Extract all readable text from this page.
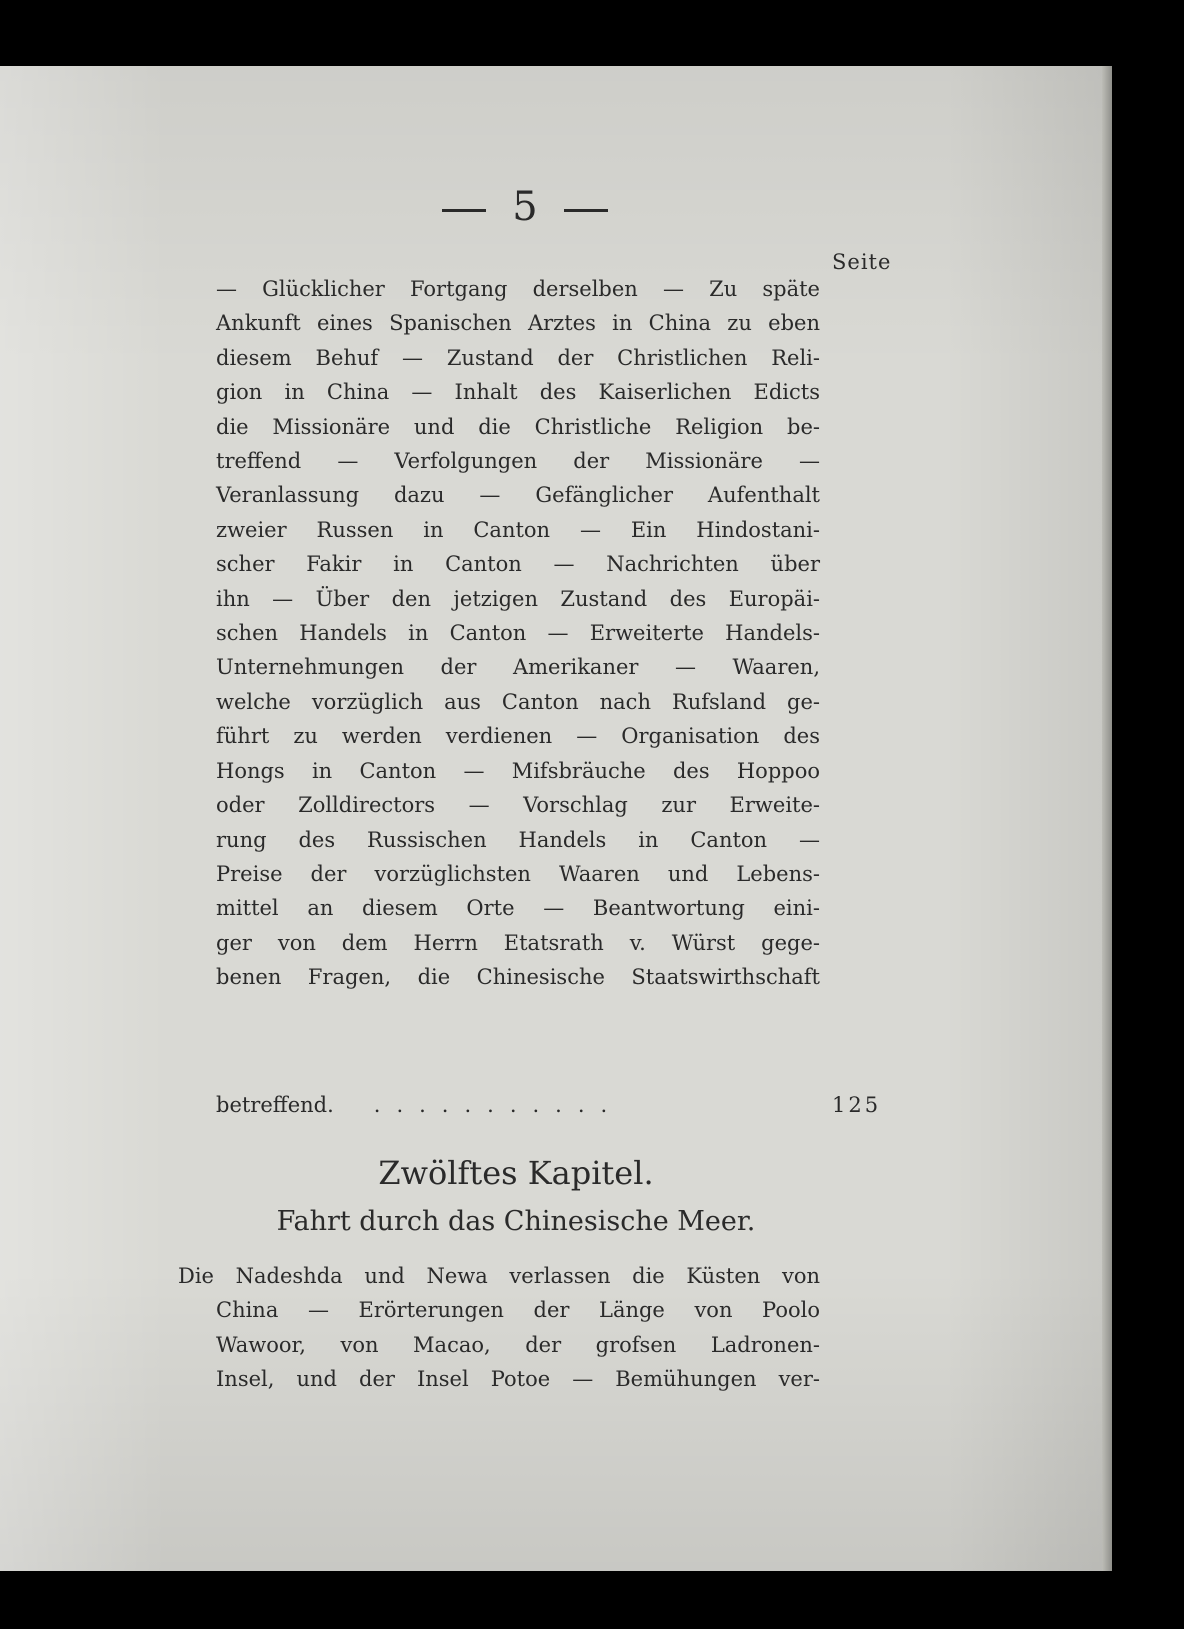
5
Seite

— Glücklicher Fortgang derselben — Zu späte

Ankunft eines Spanischen Arztes in China zu eben

diesem Behuf — Zustand der Christlichen Reli-

gion in China — Inhalt des Kaiserlichen Edicts

die Missionäre und die Christliche Religion be-

treffend — Verfolgungen der Missionäre —

Veranlassung dazu — Gefänglicher Aufenthalt

zweier Russen in Canton — Ein Hindostani-

scher Fakir in Canton — Nachrichten über

ihn — Über den jetzigen Zustand des Europäi-

schen Handels in Canton — Erweiterte Handels-

Unternehmungen der Amerikaner — Waaren,

welche vorzüglich aus Canton nach Rufsland ge-

führt zu werden verdienen — Organisation des

Hongs in Canton — Mifsbräuche des Hoppoo

oder Zolldirectors — Vorschlag zur Erweite-

rung des Russischen Handels in Canton —

Preise der vorzüglichsten Waaren und Lebens-

mittel an diesem Orte — Beantwortung eini-

ger von dem Herrn Etatsrath v. Würst gege-

benen Fragen, die Chinesische Staatswirthschaft

betreffend. ...........	125
Zwölftes Kapitel.
Fahrt durch das Chinesische Meer.
Die Nadeshda und Newa verlassen die Küsten von
China — Erörterungen der Länge von Poolo
Wawoor, von Macao, der grofsen Ladronen-
Insel, und der Insel Potoe — Bemühungen ver-
